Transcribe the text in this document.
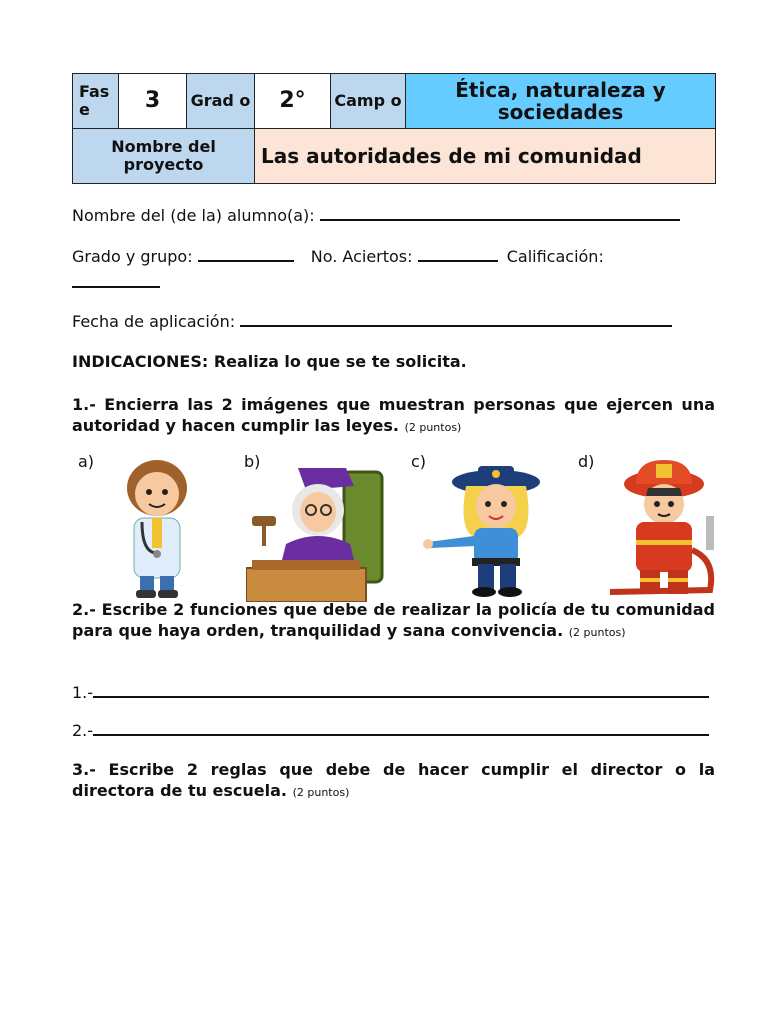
Fas e	3	Grad o	2°	Camp o	Ética, naturaleza y sociedades
Nombre del proyecto			Las autoridades de mi comunidad		
Nombre del (de la) alumno(a):
Grado y grupo:	No. Aciertos:	Calificación:
Fecha de aplicación:
INDICACIONES: Realiza lo que se te solicita.
1.- Encierra las 2 imágenes que muestran personas que ejercen una autoridad y hacen cumplir las leyes. (2 puntos)
a)	b)	c)	d)
2.- Escribe 2 funciones que debe de realizar la policía de tu comunidad para que haya orden, tranquilidad y sana convivencia. (2 puntos)
1.-
2.-
3.- Escribe 2 reglas que debe de hacer cumplir el director o la directora de tu escuela. (2 puntos)
